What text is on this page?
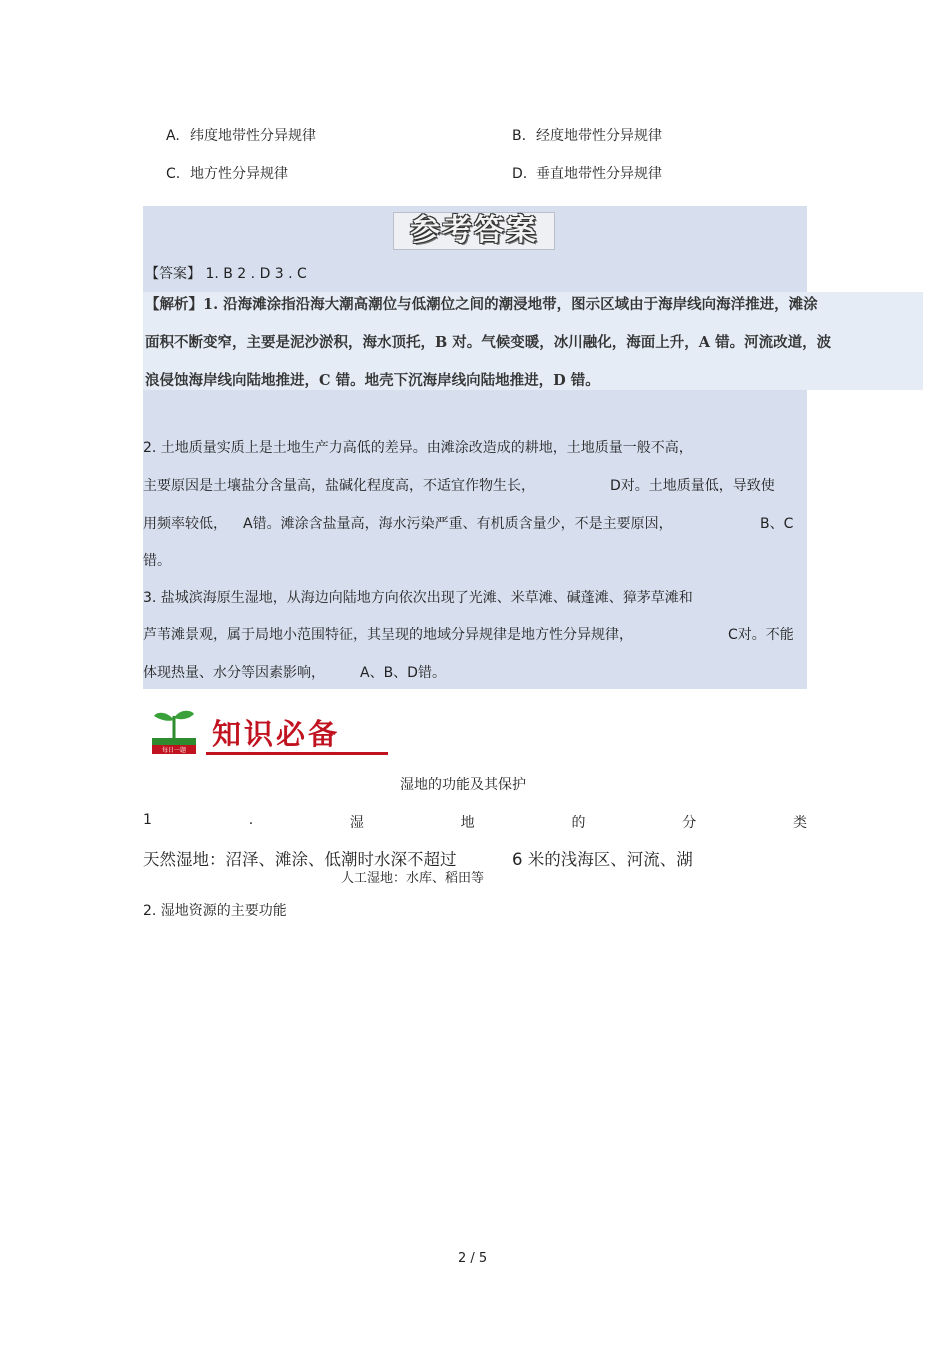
A. 纬度地带性分异规律	B. 经度地带性分异规律
C. 地方性分异规律	D. 垂直地带性分异规律
参考答案
【答案】 1. B 2 . D 3 . C
【解析】1. 沿海滩涂指沿海大潮高潮位与低潮位之间的潮浸地带，图示区域由于海岸线向海洋推进，滩涂
面积不断变窄，主要是泥沙淤积，海水顶托，B 对。气候变暖，冰川融化，海面上升，A 错。河流改道，波
浪侵蚀海岸线向陆地推进，C 错。地壳下沉海岸线向陆地推进，D 错。
2. 土地质量实质上是土地生产力高低的差异。由滩涂改造成的耕地，土地质量一般不高，
主要原因是土壤盐分含量高，盐碱化程度高，不适宜作物生长，	D对。土地质量低，导致使
用频率较低， A错。滩涂含盐量高，海水污染严重、有机质含量少，不是主要原因，	B、C
错。
3. 盐城滨海原生湿地，从海边向陆地方向依次出现了光滩、米草滩、碱蓬滩、獐茅草滩和
芦苇滩景观，属于局地小范围特征，其呈现的地域分异规律是地方性分异规律，	C对。不能
体现热量、水分等因素影响，	A、B、D错。
每日一题 知识必备
湿地的功能及其保护
1	.	湿	地	的	分	类
天然湿地：沼泽、滩涂、低潮时水深不超过	6 米的浅海区、河流、湖
人工湿地：水库、稻田等
2. 湿地资源的主要功能
2 / 5
